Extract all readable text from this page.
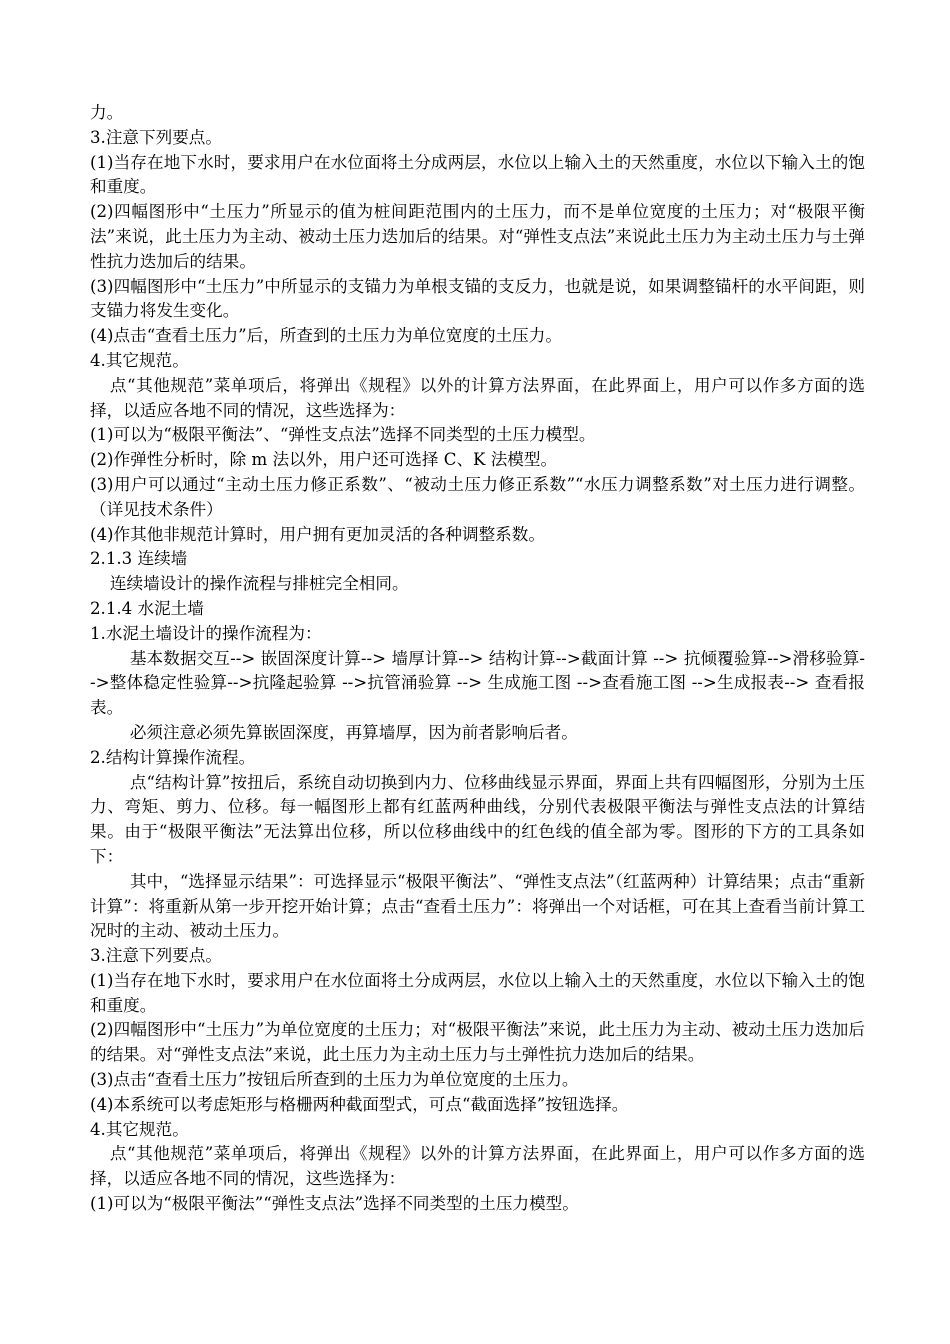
力。

3.注意下列要点。

(1)当存在地下水时，要求用户在水位面将土分成两层，水位以上输入土的天然重度，水位以下输入土的饱和重度。

(2)四幅图形中“土压力”所显示的值为桩间距范围内的土压力，而不是单位宽度的土压力；对“极限平衡法”来说，此土压力为主动、被动土压力迭加后的结果。对“弹性支点法”来说此土压力为主动土压力与土弹性抗力迭加后的结果。

(3)四幅图形中“土压力”中所显示的支锚力为单根支锚的支反力，也就是说，如果调整锚杆的水平间距，则支锚力将发生变化。

(4)点击“查看土压力”后，所查到的土压力为单位宽度的土压力。

4.其它规范。

点“其他规范”菜单项后，将弹出《规程》以外的计算方法界面，在此界面上，用户可以作多方面的选择，以适应各地不同的情况，这些选择为：

(1)可以为“极限平衡法”、“弹性支点法”选择不同类型的土压力模型。

(2)作弹性分析时，除 m 法以外，用户还可选择 C、K 法模型。

(3)用户可以通过“主动土压力修正系数”、“被动土压力修正系数”“水压力调整系数”对土压力进行调整。（详见技术条件）

(4)作其他非规范计算时，用户拥有更加灵活的各种调整系数。

2.1.3 连续墙

连续墙设计的操作流程与排桩完全相同。

2.1.4 水泥土墙

1.水泥土墙设计的操作流程为：

基本数据交互--> 嵌固深度计算--> 墙厚计算--> 结构计算-->截面计算 --> 抗倾覆验算-->滑移验算-->整体稳定性验算-->抗隆起验算 -->抗管涌验算 --> 生成施工图 -->查看施工图 -->生成报表--> 查看报表。

必须注意必须先算嵌固深度，再算墙厚，因为前者影响后者。

2.结构计算操作流程。

点“结构计算”按扭后，系统自动切换到内力、位移曲线显示界面，界面上共有四幅图形，分别为土压力、弯矩、剪力、位移。每一幅图形上都有红蓝两种曲线，分别代表极限平衡法与弹性支点法的计算结果。由于“极限平衡法”无法算出位移，所以位移曲线中的红色线的值全部为零。图形的下方的工具条如下：

其中，“选择显示结果”：可选择显示“极限平衡法”、“弹性支点法”（红蓝两种）计算结果；点击“重新计算”：将重新从第一步开挖开始计算；点击“查看土压力”：将弹出一个对话框，可在其上查看当前计算工况时的主动、被动土压力。

3.注意下列要点。

(1)当存在地下水时，要求用户在水位面将土分成两层，水位以上输入土的天然重度，水位以下输入土的饱和重度。

(2)四幅图形中“土压力”为单位宽度的土压力；对“极限平衡法”来说，此土压力为主动、被动土压力迭加后的结果。对“弹性支点法”来说，此土压力为主动土压力与土弹性抗力迭加后的结果。

(3)点击“查看土压力”按钮后所查到的土压力为单位宽度的土压力。

(4)本系统可以考虑矩形与格栅两种截面型式，可点“截面选择”按钮选择。

4.其它规范。

点“其他规范”菜单项后，将弹出《规程》以外的计算方法界面，在此界面上，用户可以作多方面的选择，以适应各地不同的情况，这些选择为：

(1)可以为“极限平衡法”“弹性支点法”选择不同类型的土压力模型。
